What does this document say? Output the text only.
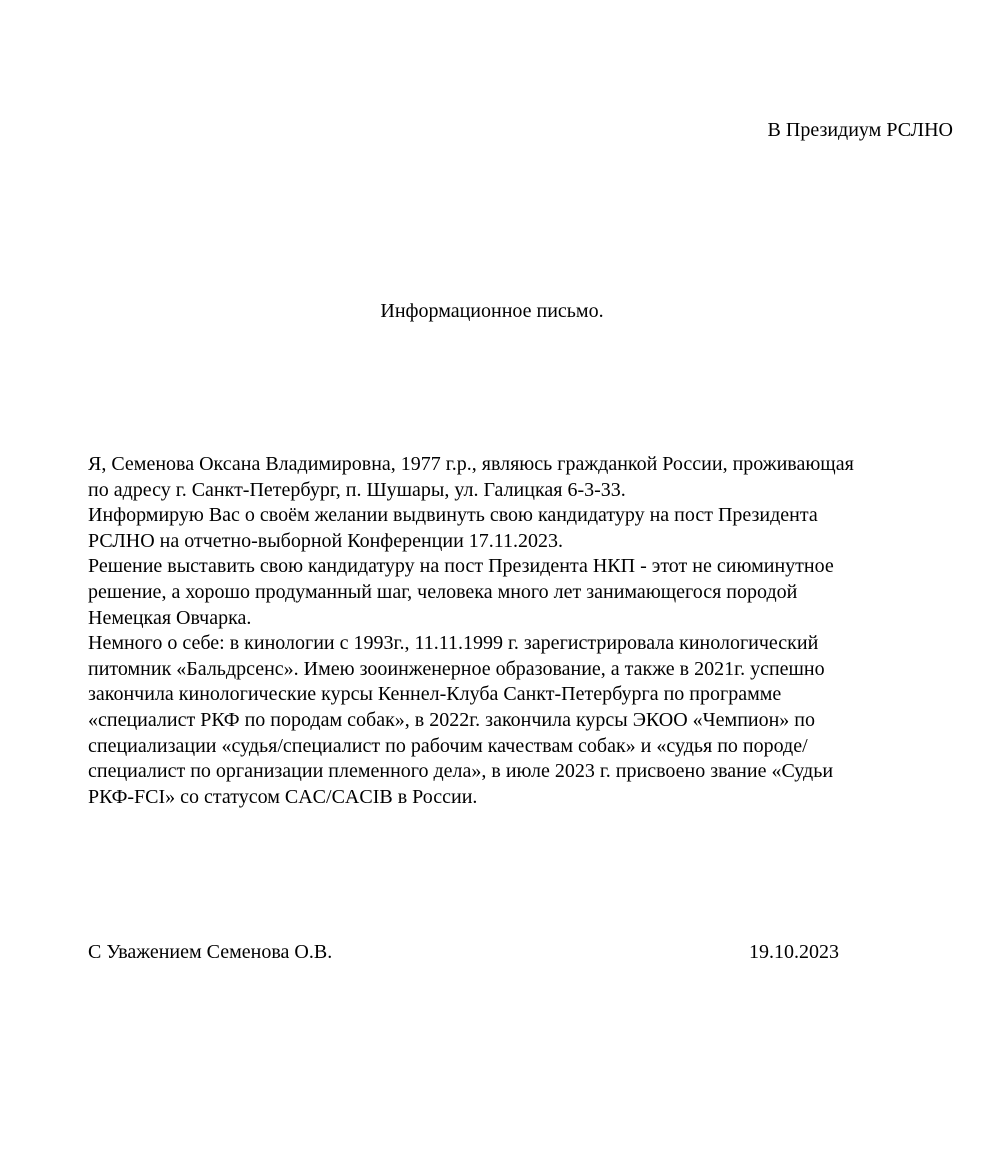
В Президиум РСЛНО
Информационное письмо.
Я, Семенова Оксана Владимировна, 1977 г.р., являюсь гражданкой России, проживающая
по адресу г. Санкт-Петербург, п. Шушары, ул. Галицкая 6-3-33.
Информирую Вас о своём желании выдвинуть свою кандидатуру на пост Президента
РСЛНО на отчетно-выборной Конференции 17.11.2023.
Решение выставить свою кандидатуру на пост Президента НКП - этот не сиюминутное
решение, а хорошо продуманный шаг, человека много лет занимающегося породой
Немецкая Овчарка.
Немного о себе: в кинологии с 1993г., 11.11.1999 г. зарегистрировала кинологический
питомник «Бальдрсенс». Имею зооинженерное образование, а также в 2021г. успешно
закончила кинологические курсы Кеннел-Клуба Санкт-Петербурга по программе
«специалист РКФ по породам собак», в 2022г. закончила курсы ЭКОО «Чемпион» по
специализации «судья/специалист по рабочим качествам собак» и «судья по породе/
специалист по организации племенного дела», в июле 2023 г. присвоено звание «Судьи
РКФ-FCI» со статусом CAC/CACIB в России.
С Уважением Семенова О.В.	19.10.2023
